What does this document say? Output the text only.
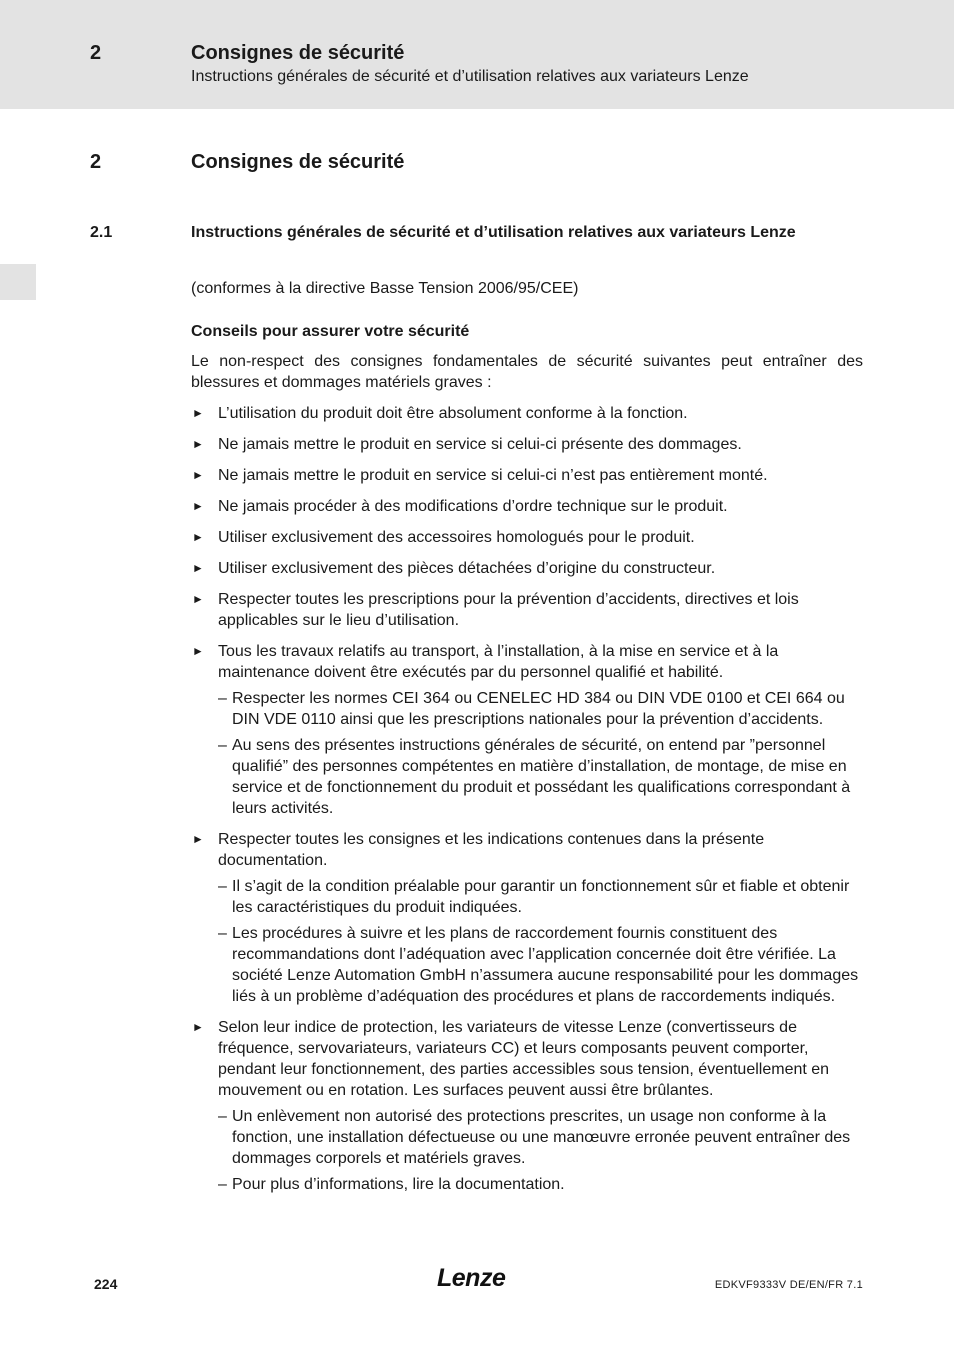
2	Consignes de sécurité
Instructions générales de sécurité et d’utilisation relatives aux variateurs Lenze
2	Consignes de sécurité
2.1	Instructions générales de sécurité et d’utilisation relatives aux variateurs Lenze

(conformes à la directive Basse Tension 2006/95/CEE)

Conseils pour assurer votre sécurité

Le non-respect des consignes fondamentales de sécurité suivantes peut entraîner des blessures et dommages matériels graves :

► L’utilisation du produit doit être absolument conforme à la fonction.
► Ne jamais mettre le produit en service si celui-ci présente des dommages.
► Ne jamais mettre le produit en service si celui-ci n’est pas entièrement monté.
► Ne jamais procéder à des modifications d’ordre technique sur le produit.
► Utiliser exclusivement des accessoires homologués pour le produit.
► Utiliser exclusivement des pièces détachées d’origine du constructeur.
► Respecter toutes les prescriptions pour la prévention d’accidents, directives et lois applicables sur le lieu d’utilisation.
► Tous les travaux relatifs au transport, à l’installation, à la mise en service et à la maintenance doivent être exécutés par du personnel qualifié et habilité.
– Respecter les normes CEI 364 ou CENELEC HD 384 ou DIN VDE 0100 et CEI 664 ou DIN VDE 0110 ainsi que les prescriptions nationales pour la prévention d’accidents.
– Au sens des présentes instructions générales de sécurité, on entend par ”personnel qualifié” des personnes compétentes en matière d’installation, de montage, de mise en service et de fonctionnement du produit et possédant les qualifications correspondant à leurs activités.
► Respecter toutes les consignes et les indications contenues dans la présente documentation.
– Il s’agit de la condition préalable pour garantir un fonctionnement sûr et fiable et obtenir les caractéristiques du produit indiquées.
– Les procédures à suivre et les plans de raccordement fournis constituent des recommandations dont l’adéquation avec l’application concernée doit être vérifiée. La société Lenze Automation GmbH n’assumera aucune responsabilité pour les dommages liés à un problème d’adéquation des procédures et plans de raccordements indiqués.
► Selon leur indice de protection, les variateurs de vitesse Lenze (convertisseurs de fréquence, servovariateurs, variateurs CC) et leurs composants peuvent comporter, pendant leur fonctionnement, des parties accessibles sous tension, éventuellement en mouvement ou en rotation. Les surfaces peuvent aussi être brûlantes.
– Un enlèvement non autorisé des protections prescrites, un usage non conforme à la fonction, une installation défectueuse ou une manœuvre erronée peuvent entraîner des dommages corporels et matériels graves.
– Pour plus d’informations, lire la documentation.
224	Lenze	EDKVF9333V DE/EN/FR 7.1
